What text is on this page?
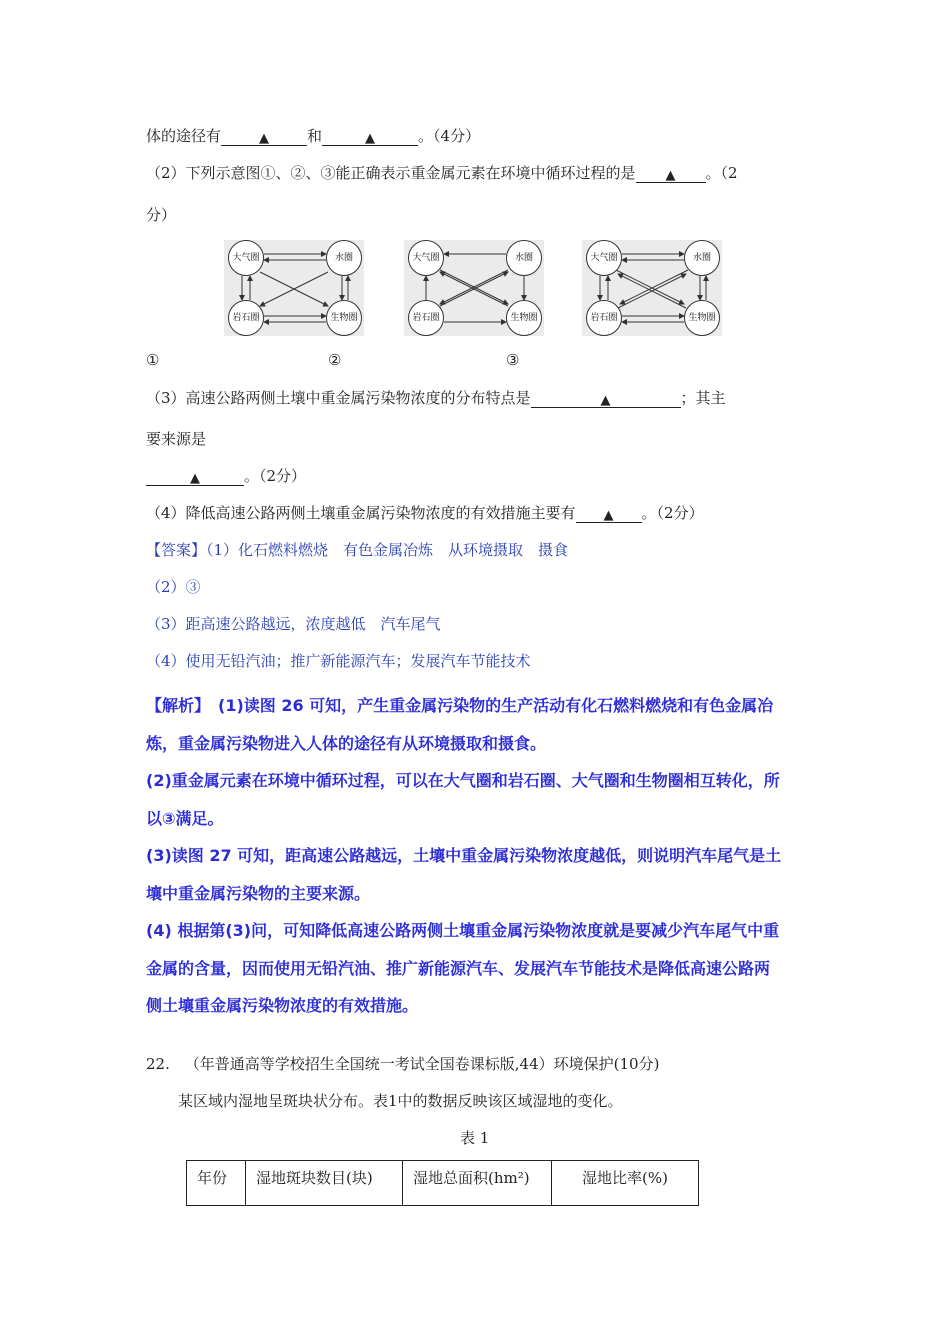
体的途径有	▲	和	▲	。（4分）
（2）下列示意图①、②、③能正确表示重金属元素在环境中循环过程的是 ▲ 。（2
分）
大气圈	水圈
岩石圈	生物圈
大气圈	水圈
岩石圈	生物圈
大气圈	水圈
岩石圈	生物圈
①	②	③
（3）高速公路两侧土壤中重金属污染物浓度的分布特点是	▲	；其主
要来源是
▲	。（2分）
（4）降低高速公路两侧土壤重金属污染物浓度的有效措施主要有 ▲ 。（2分）
【答案】（1）化石燃料燃烧　有色金属冶炼　从环境摄取　摄食
（2）③
（3）距高速公路越远，浓度越低　汽车尾气
（4）使用无铅汽油；推广新能源汽车；发展汽车节能技术
【解析】　(1)读图 26 可知，产生重金属污染物的生产活动有化石燃料燃烧和有色金属冶
炼，重金属污染物进入人体的途径有从环境摄取和摄食。
(2)重金属元素在环境中循环过程，可以在大气圈和岩石圈、大气圈和生物圈相互转化，所
以③满足。
(3)读图 27 可知，距高速公路越远，土壤中重金属污染物浓度越低，则说明汽车尾气是土
壤中重金属污染物的主要来源。
(4) 根据第(3)问，可知降低高速公路两侧土壤重金属污染物浓度就是要减少汽车尾气中重
金属的含量，因而使用无铅汽油、推广新能源汽车、发展汽车节能技术是降低高速公路两
侧土壤重金属污染物浓度的有效措施。
22. （年普通高等学校招生全国统一考试全国卷课标版,44）环境保护(10分)
某区域内湿地呈斑块状分布。表1中的数据反映该区域湿地的变化。
表 1
年份	湿地斑块数目(块)	湿地总面积(hm²)	湿地比率(%)
